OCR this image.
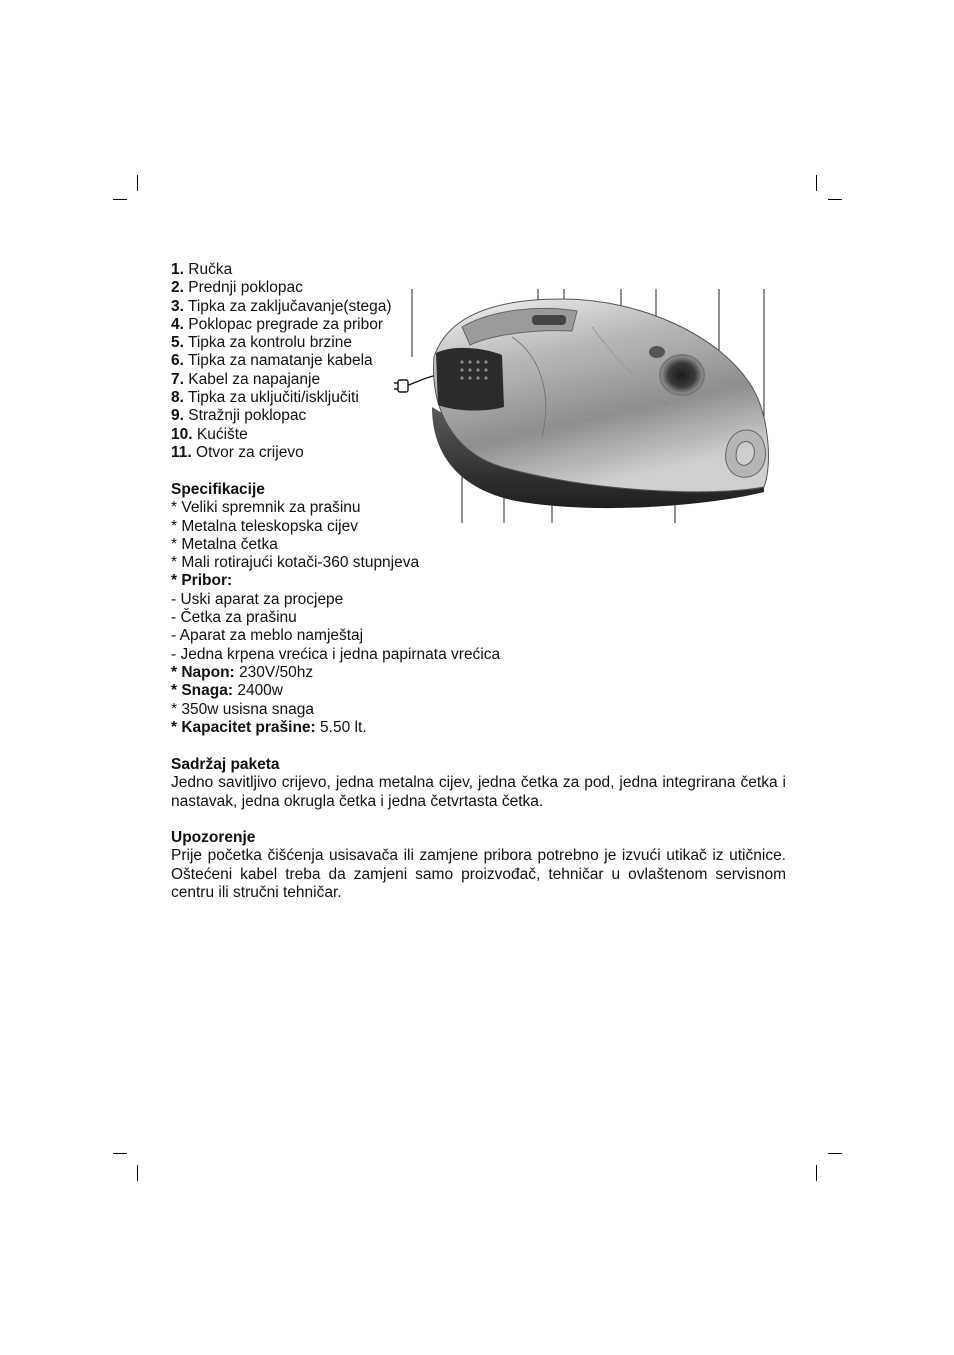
1. Ručka
2. Prednji poklopac
3. Tipka za zaključavanje(stega)
4. Poklopac pregrade za pribor
5. Tipka za kontrolu brzine
6. Tipka za namatanje kabela
7. Kabel za napajanje
8. Tipka za uključiti/isključiti
9. Stražnji poklopac
10. Kućište
11. Otvor za crijevo
Specifikacije
* Veliki spremnik za prašinu
* Metalna teleskopska cijev
* Metalna četka
* Mali rotirajući kotači-360 stupnjeva
* Pribor:
- Uski aparat za procjepe
- Četka za prašinu
- Aparat za meblo namještaj
- Jedna krpena vrećica i jedna papirnata vrećica
* Napon: 230V/50hz
* Snaga: 2400w
* 350w usisna snaga
* Kapacitet prašine: 5.50 lt.
Sadržaj paketa
Jedno savitljivo crijevo, jedna metalna cijev, jedna četka za pod, jedna integrirana četka i nastavak, jedna okrugla četka i jedna četvrtasta četka.
Upozorenje
Prije početka čišćenja usisavača ili zamjene pribora potrebno je izvući utikač iz utičnice. Oštećeni kabel treba da zamjeni samo proizvođač, tehničar u ovlaštenom servisnom centru ili stručni tehničar.
